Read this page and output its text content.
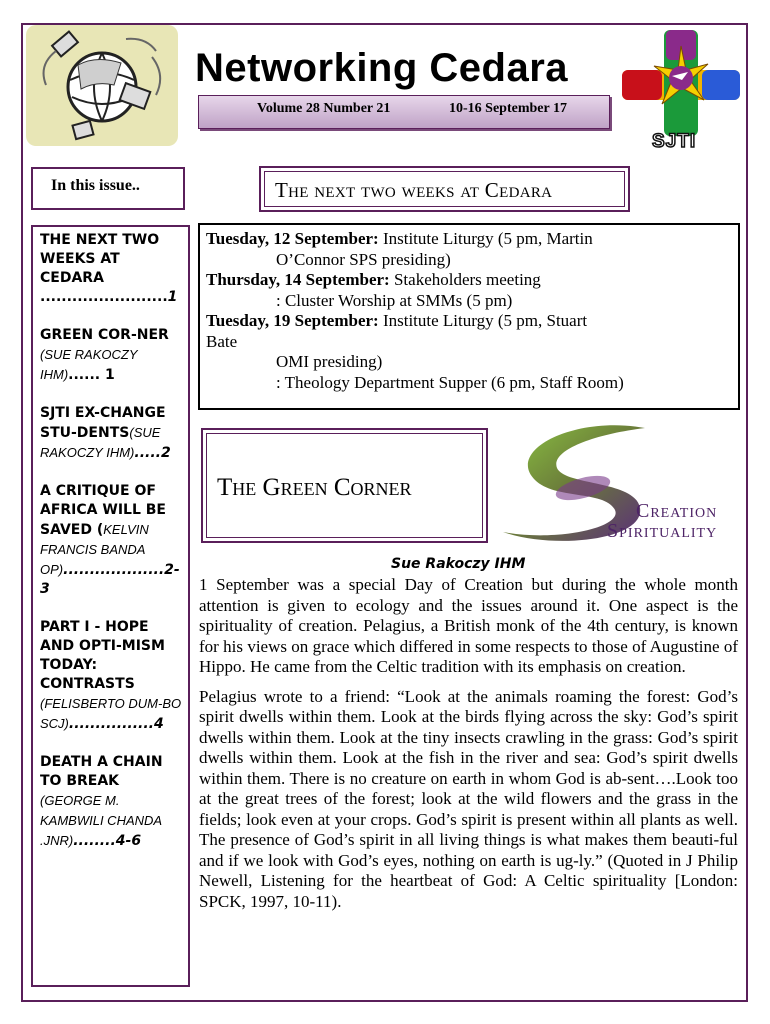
Networking Cedara
Volume 28 Number 21	10-16 September 17
SJTI
In this issue..
THE NEXT TWO WEEKS AT CEDARA ........................1
GREEN COR-NER (SUE RAKOCZY IHM)...... 1
SJTI EX-CHANGE STU-DENTS(SUE RAKOCZY IHM).....2
A CRITIQUE OF AFRICA WILL BE SAVED (KELVIN FRANCIS BANDA OP)...................2-3
PART I - HOPE AND OPTI-MISM TODAY: CONTRASTS (FELISBERTO DUM-BO SCJ)................4
DEATH A CHAIN TO BREAK (GEORGE M. KAMBWILI CHANDA .JNR)........4-6
The next two weeks at Cedara
Tuesday, 12 September: Institute Liturgy (5 pm, Martin
O’Connor SPS presiding)
Thursday, 14 September: Stakeholders meeting
: Cluster Worship at SMMs (5 pm)
Tuesday, 19 September: Institute Liturgy (5 pm, Stuart
Bate
OMI presiding)
: Theology Department Supper (6 pm, Staff Room)
The Green Corner
Creation
Spirituality
Sue Rakoczy IHM

1 September was a special Day of Creation but during the whole month attention is given to ecology and the issues around it. One aspect is the spirituality of creation. Pelagius, a British monk of the 4th century, is known for his views on grace which differed in some respects to those of Augustine of Hippo. He came from the Celtic tradition with its emphasis on creation.

Pelagius wrote to a friend: “Look at the animals roaming the forest: God’s spirit dwells within them. Look at the birds flying across the sky: God’s spirit dwells within them. Look at the tiny insects crawling in the grass: God’s spirit dwells within them. Look at the fish in the river and sea: God’s spirit dwells within them. There is no creature on earth in whom God is ab-sent….Look too at the great trees of the forest; look at the wild flowers and the grass in the fields; look even at your crops. God’s spirit is present within all plants as well. The presence of God’s spirit in all living things is what makes them beauti-ful and if we look with God’s eyes, nothing on earth is ug-ly.” (Quoted in J Philip Newell, Listening for the heartbeat of God: A Celtic spirituality [London: SPCK, 1997, 10-11).
